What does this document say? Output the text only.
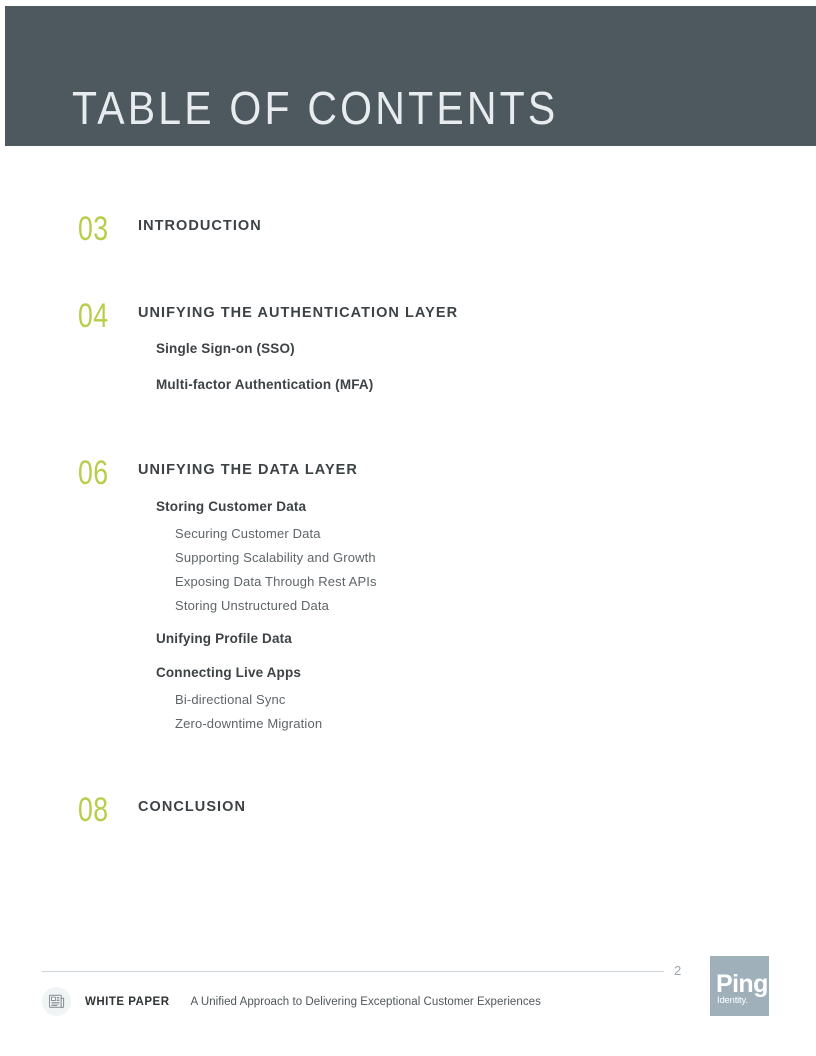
TABLE OF CONTENTS
03	INTRODUCTION
04	UNIFYING THE AUTHENTICATION LAYER
Single Sign-on (SSO)
Multi-factor Authentication (MFA)
06	UNIFYING THE DATA LAYER
Storing Customer Data
Securing Customer Data
Supporting Scalability and Growth
Exposing Data Through Rest APIs
Storing Unstructured Data
Unifying Profile Data
Connecting Live Apps
Bi-directional Sync
Zero-downtime Migration
08	CONCLUSION
WHITE PAPER A Unified Approach to Delivering Exceptional Customer Experiences
2 Ping
Identity.
